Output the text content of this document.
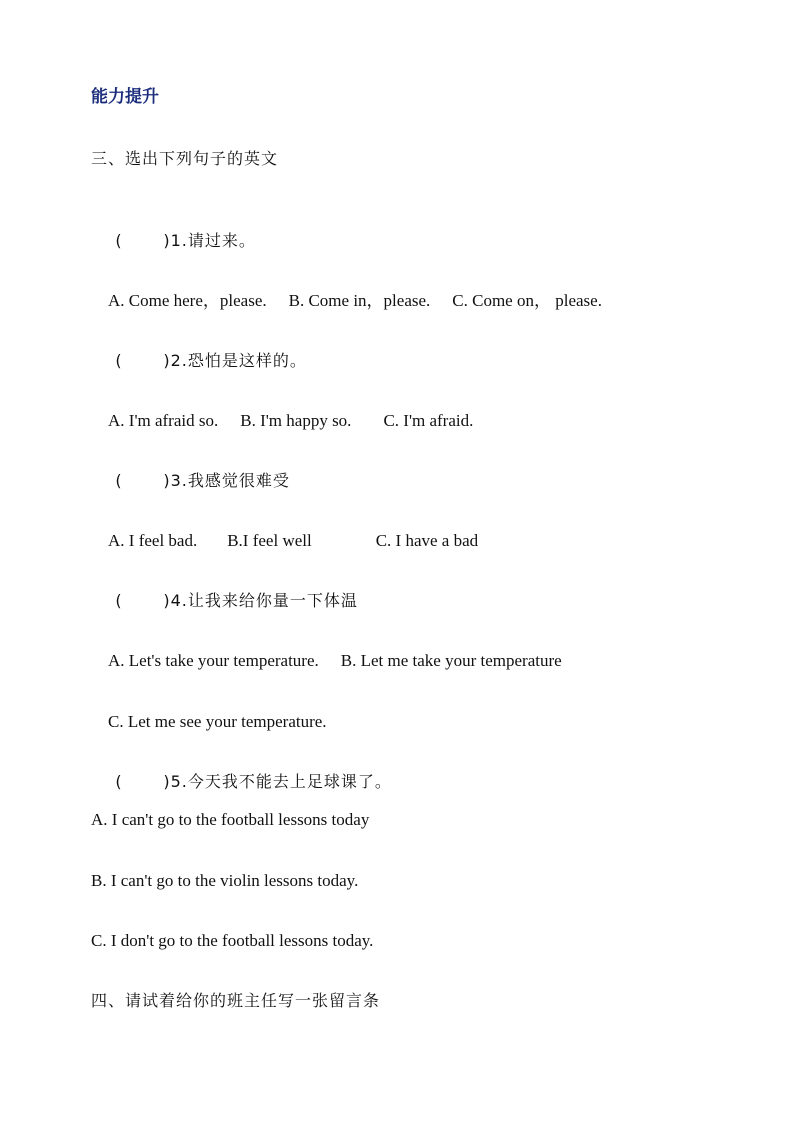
能力提升
三、选出下列句子的英文

(	)1.请过来。

A. Come here，please. B. Come in，please. C. Come on， please.

(	)2.恐怕是这样的。

A. I'm afraid so. B. I'm happy so. C. I'm afraid.

(	)3.我感觉很难受

A. I feel bad. B.I feel well	C. I have a bad

(	)4.让我来给你量一下体温

A. Let's take your temperature. B. Let me take your temperature

C. Let me see your temperature.

(	)5.今天我不能去上足球课了。

A. I can't go to the football lessons today
B. I can't go to the violin lessons today.
C. I don't go to the football lessons today.
四、请试着给你的班主任写一张留言条
